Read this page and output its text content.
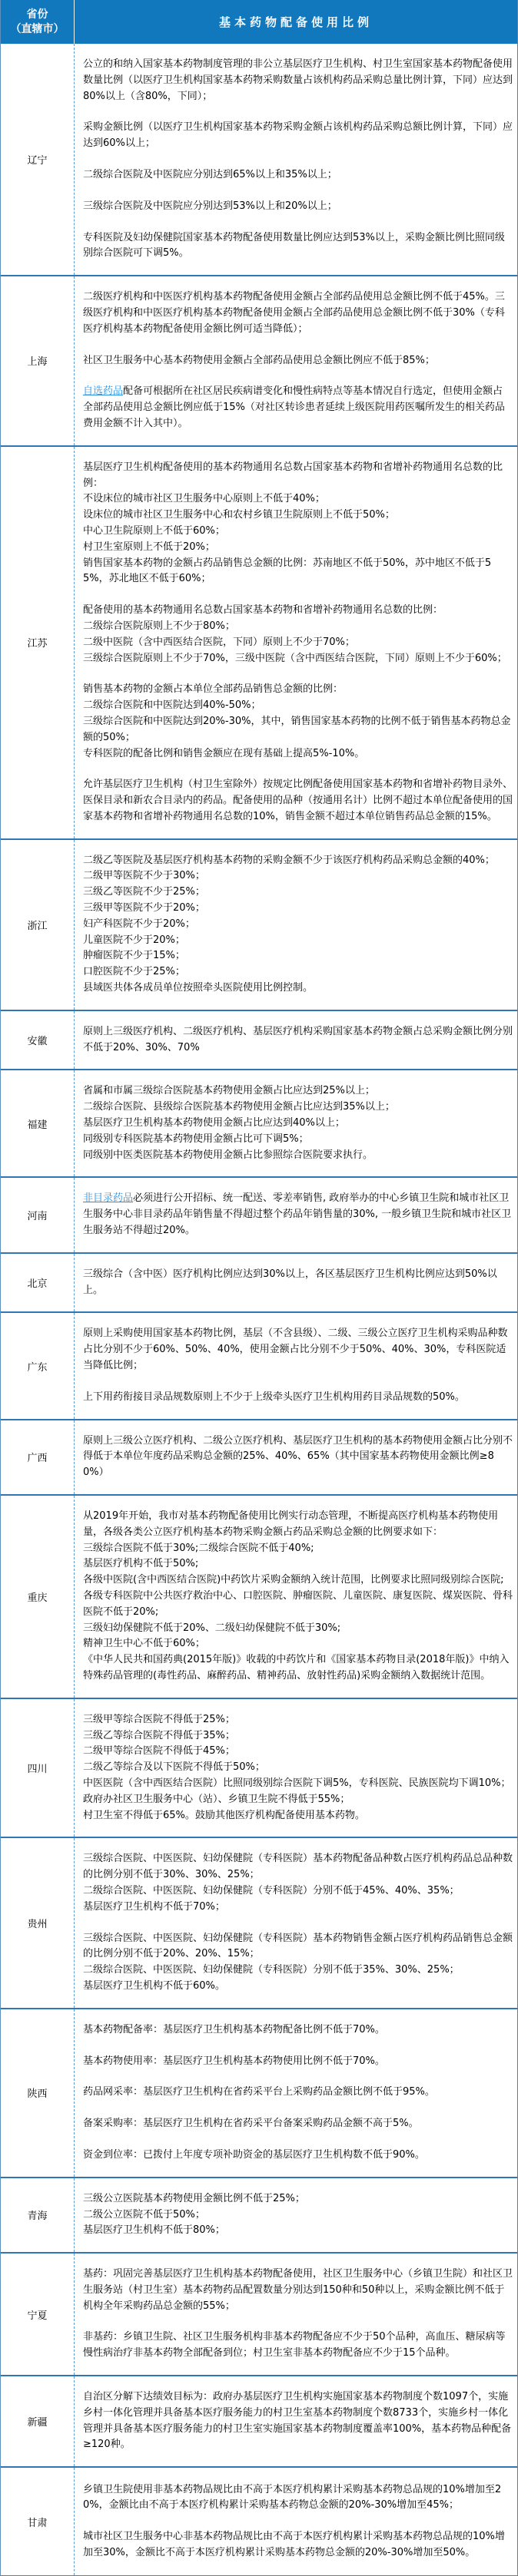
省份
（直辖市）	基本药物配备使用比例
辽宁
公立的和纳入国家基本药物制度管理的非公立基层医疗卫生机构、村卫生室国家基本药物配备使用数量比例（以医疗卫生机构国家基本药物采购数量占该机构药品采购总量比例计算，下同）应达到80%以上（含80%，下同）；
采购金额比例（以医疗卫生机构国家基本药物采购金额占该机构药品采购总额比例计算，下同）应达到60%以上；
二级综合医院及中医院应分别达到65%以上和35%以上；
三级综合医院及中医院应分别达到53%以上和20%以上；
专科医院及妇幼保健院国家基本药物配备使用数量比例应达到53%以上，采购金额比例比照同级别综合医院可下调5%。
上海
二级医疗机构和中医医疗机构基本药物配备使用金额占全部药品使用总金额比例不低于45%。三级医疗机构和中医医疗机构基本药物配备使用金额占全部药品使用总金额比例不低于30%（专科医疗机构基本药物配备使用金额比例可适当降低）；
社区卫生服务中心基本药物使用金额占全部药品使用总金额比例应不低于85%；
自选药品配备可根据所在社区居民疾病谱变化和慢性病特点等基本情况自行选定，但使用金额占全部药品使用总金额比例应低于15%（对社区转诊患者延续上级医院用药医嘱所发生的相关药品费用金额不计入其中）。
江苏
基层医疗卫生机构配备使用的基本药物通用名总数占国家基本药物和省增补药物通用名总数的比例：
不设床位的城市社区卫生服务中心原则上不低于40%；
设床位的城市社区卫生服务中心和农村乡镇卫生院原则上不低于50%；
中心卫生院原则上不低于60%；
村卫生室原则上不低于20%；
销售国家基本药物的金额占药品销售总金额的比例：苏南地区不低于50%，苏中地区不低于55%，苏北地区不低于60%；
配备使用的基本药物通用名总数占国家基本药物和省增补药物通用名总数的比例：
二级综合医院原则上不少于80%；
二级中医院（含中西医结合医院，下同）原则上不少于70%；
三级综合医院原则上不少于70%，三级中医院（含中西医结合医院，下同）原则上不少于60%；
销售基本药物的金额占本单位全部药品销售总金额的比例：
二级综合医院和中医院达到40%-50%；
三级综合医院和中医院达到20%-30%，其中，销售国家基本药物的比例不低于销售基本药物总金额的50%；
专科医院的配备比例和销售金额应在现有基础上提高5%-10%。
允许基层医疗卫生机构（村卫生室除外）按规定比例配备使用国家基本药物和省增补药物目录外、医保目录和新农合目录内的药品。配备使用的品种（按通用名计）比例不超过本单位配备使用的国家基本药物和省增补药物通用名总数的10%，销售金额不超过本单位销售药品总金额的15%。
浙江
二级乙等医院及基层医疗机构基本药物的采购金额不少于该医疗机构药品采购总金额的40%；
二级甲等医院不少于30%；
三级乙等医院不少于25%；
三级甲等医院不少于20%；
妇产科医院不少于20%；
儿童医院不少于20%；
肿瘤医院不少于15%；
口腔医院不少于25%；
县域医共体各成员单位按照牵头医院使用比例控制。
安徽
原则上三级医疗机构、二级医疗机构、基层医疗机构采购国家基本药物金额占总采购金额比例分别不低于20%、30%、70%
福建
省属和市属三级综合医院基本药物使用金额占比应达到25%以上；
二级综合医院、县级综合医院基本药物使用金额占比应达到35%以上；
基层医疗卫生机构基本药物使用金额占比应达到40%以上；
同级别专科医院基本药物使用金额占比可下调5%；
同级别中医类医院基本药物使用金额占比参照综合医院要求执行。
河南
非目录药品必须进行公开招标、统一配送、零差率销售, 政府举办的中心乡镇卫生院和城市社区卫生服务中心非目录药品年销售量不得超过整个药品年销售量的30%, 一般乡镇卫生院和城市社区卫生服务站不得超过20%。
北京
三级综合（含中医）医疗机构比例应达到30%以上，各区基层医疗卫生机构比例应达到50%以上。
广东
原则上采购使用国家基本药物比例，基层（不含县级）、二级、三级公立医疗卫生机构采购品种数占比分别不少于60%、50%、40%，使用金额占比分别不少于50%、40%、30%，专科医院适当降低比例；
上下用药衔接目录品规数原则上不少于上级牵头医疗卫生机构用药目录品规数的50%。
广西
原则上三级公立医疗机构、二级公立医疗机构、基层医疗卫生机构的基本药物使用金额占比分别不得低于本单位年度药品采购总金额的25%、40%、65%（其中国家基本药物使用金额比例≥80%）
重庆
从2019年开始，我市对基本药物配备使用比例实行动态管理，不断提高医疗机构基本药物使用量，各级各类公立医疗机构基本药物采购金额占药品采购总金额的比例要求如下：
三级综合医院不低于30%;二级综合医院不低于40%;
基层医疗机构不低于50%;
各级中医院(含中西医结合医院)中药饮片采购金额纳入统计范围，比例要求比照同级别综合医院;
各级专科医院中公共医疗救治中心、口腔医院、肿瘤医院、儿童医院、康复医院、煤炭医院、骨科医院不低于20%;
三级妇幼保健院不低于20%、二级妇幼保健院不低于30%;
精神卫生中心不低于60%；
《中华人民共和国药典(2015年版)》收载的中药饮片和《国家基本药物目录(2018年版)》中纳入特殊药品管理的(毒性药品、麻醉药品、精神药品、放射性药品)采购金额纳入数据统计范围。
四川
三级甲等综合医院不得低于25%；
三级乙等综合医院不得低于35%；
二级甲等综合医院不得低于45%；
二级乙等综合及以下医院不得低于50%；
中医医院（含中西医结合医院）比照同级别综合医院下调5%，专科医院、民族医院均下调10%；
政府办社区卫生服务中心（站）、乡镇卫生院不得低于55%；
村卫生室不得低于65%。鼓励其他医疗机构配备使用基本药物。
贵州
三级综合医院、中医医院、妇幼保健院（专科医院）基本药物配备品种数占医疗机构药品总品种数的比例分别不低于30%、30%、25%；
二级综合医院、中医医院、妇幼保健院（专科医院）分别不低于45%、40%、35%；
基层医疗卫生机构不低于70%；
三级综合医院、中医医院、妇幼保健院（专科医院）基本药物销售金额占医疗机构药品销售总金额的比例分别不低于20%、20%、15%；
二级综合医院、中医医院、妇幼保健院（专科医院）分别不低于35%、30%、25%；
基层医疗卫生机构不低于60%。
陕西
基本药物配备率：基层医疗卫生机构基本药物配备比例不低于70%。
基本药物使用率：基层医疗卫生机构基本药物使用比例不低于70%。
药品网采率：基层医疗卫生机构在省药采平台上采购药品金额比例不低于95%。
备案采购率：基层医疗卫生机构在省药采平台备案采购药品金额不高于5%。
资金到位率：已拨付上年度专项补助资金的基层医疗卫生机构数不低于90%。
青海
三级公立医院基本药物使用金额比例不低于25%；
二级公立医院不低于50%；
基层医疗卫生机构不低于80%；
宁夏
基药：巩固完善基层医疗卫生机构基本药物配备使用，社区卫生服务中心（乡镇卫生院）和社区卫生服务站（村卫生室）基本药物药品配置数量分别达到150种和50种以上，采购金额比例不低于机构全年采购药品总金额的55%；
非基药：乡镇卫生院、社区卫生服务机构非基本药物配备应不少于50个品种，高血压、糖尿病等慢性病治疗非基本药物全部配备到位；村卫生室非基本药物配备应不少于15个品种。
新疆
自治区分解下达绩效目标为：政府办基层医疗卫生机构实施国家基本药物制度个数1097个，实施乡村一体化管理并具备基本医疗服务能力的村卫生室基本药物制度个数8733个，实施乡村一体化管理并具备基本医疗服务能力的村卫生室实施国家基本药物制度覆盖率100%，基本药物品种配备≥120种。
甘肃
乡镇卫生院使用非基本药物品规比由不高于本医疗机构累计采购基本药物总品规的10%增加至20%，金额比由不高于本医疗机构累计采购基本药物总金额的20%-30%增加至45%；
城市社区卫生服务中心非基本药物品规比由不高于本医疗机构累计采购基本药物总品规的10%增加至30%，金额比不高于本医疗机构累计采购基本药物总金额的20%-30%增加至50%。
